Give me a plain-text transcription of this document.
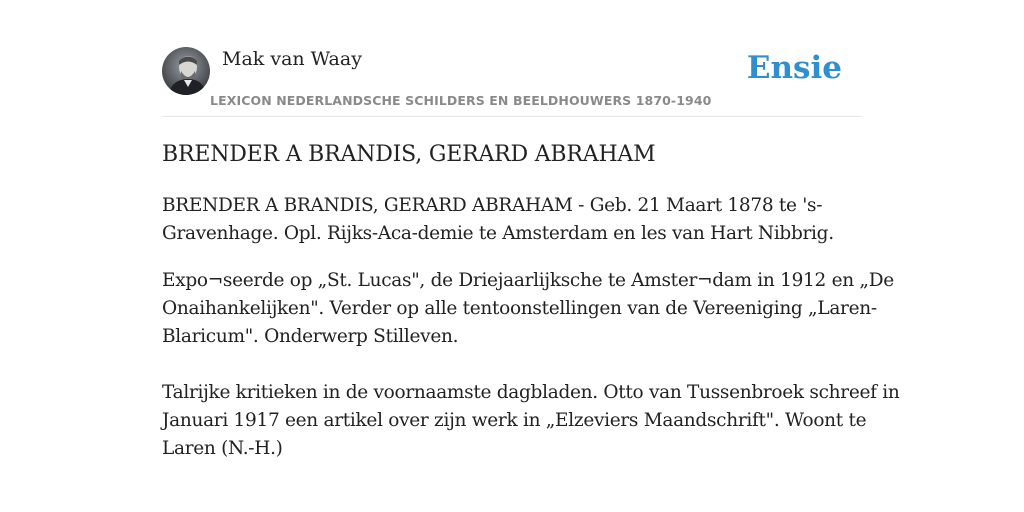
Mak van Waay
LEXICON NEDERLANDSCHE SCHILDERS EN BEELDHOUWERS 1870-1940
Ensie
BRENDER A BRANDIS, GERARD ABRAHAM

BRENDER A BRANDIS, GERARD ABRAHAM - Geb. 21 Maart 1878 te 's-

Gravenhage. Opl. Rijks-Aca-demie te Amsterdam en les van Hart Nibbrig.

Expo¬seerde op „St. Lucas", de Driejaarlijksche te Amster¬dam in 1912 en „De

Onaihankelijken". Verder op alle tentoonstellingen van de Vereeniging „Laren-

Blaricum". Onderwerp Stilleven.

Talrijke kritieken in de voornaamste dagbladen. Otto van Tussenbroek schreef in

Januari 1917 een artikel over zijn werk in „Elzeviers Maandschrift". Woont te

Laren (N.-H.)
